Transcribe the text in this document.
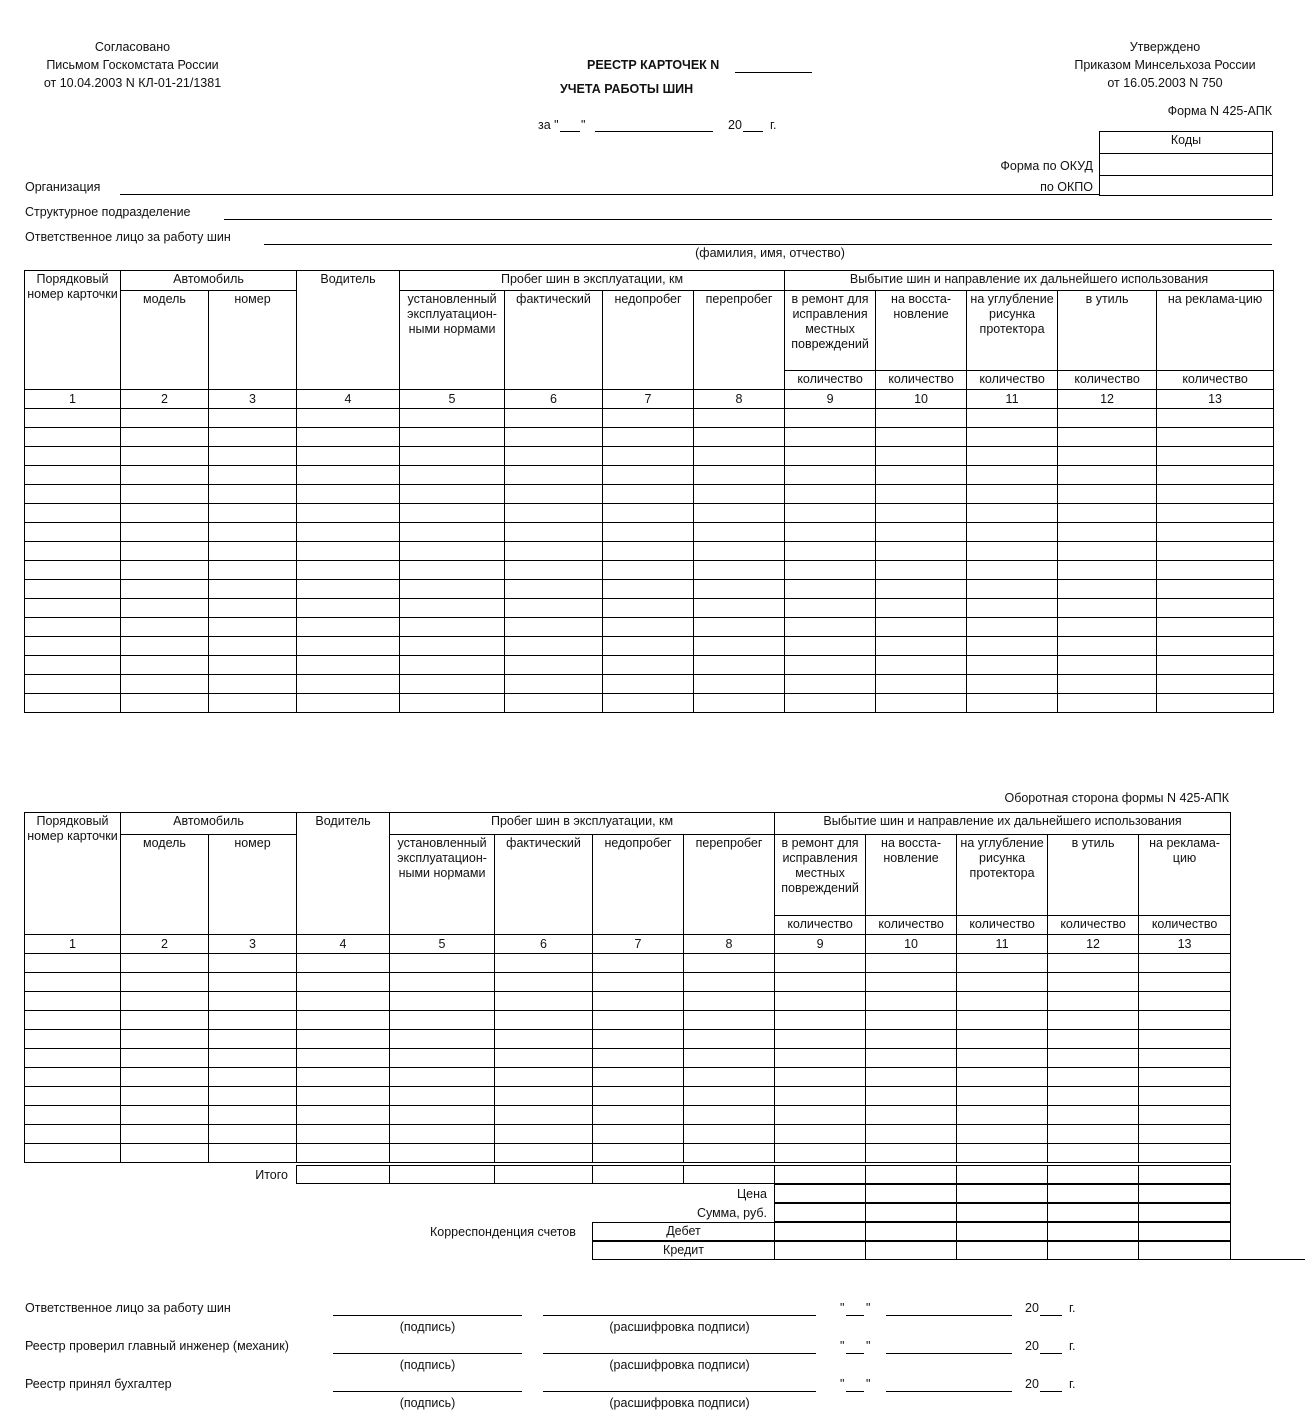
Согласовано
Письмом Госкомстата России
от 10.04.2003 N КЛ-01-21/1381
Утверждено
Приказом Минсельхоза России
от 16.05.2003 N 750
РЕЕСТР КАРТОЧЕК N
УЧЕТА РАБОТЫ ШИН
за " "	20 г.
Форма N 425-АПК
Коды

Форма по ОКУД
по ОКПО
Организация
Структурное подразделение
Ответственное лицо за работу шин
(фамилия, имя, отчество)
Порядковый номер карточки	Автомобиль		Водитель	Пробег шин в эксплуатации, км				Выбытие шин и направление их дальнейшего использования				
	модель	номер		установленный эксплуатацион-ными нормами	фактический	недопробег	перепробег	в ремонт для исправления местных повреждений	на восста-новление	на углубление рисунка протектора	в утиль	на реклама-цию
								количество	количество	количество	количество	количество
1	2	3	4	5	6	7	8	9	10	11	12	13

Оборотная сторона формы N 425-АПК
Порядковый номер карточки	Автомобиль		Водитель	Пробег шин в эксплуатации, км				Выбытие шин и направление их дальнейшего использования				
	модель	номер		установленный эксплуатацион-ными нормами	фактический	недопробег	перепробег	в ремонт для исправления местных повреждений	на восста-новление	на углубление рисунка протектора	в утиль	на реклама-цию
								количество	количество	количество	количество	количество
1	2	3	4	5	6	7	8	9	10	11	12	13

Итого
Цена
Сумма, руб.
Корреспонденция счетов	Дебет
Кредит
Ответственное лицо за работу шин	" "	20 г.
(подпись)	(расшифровка подписи)
Реестр проверил главный инженер (механик)	" "	20 г.
(подпись)	(расшифровка подписи)
Реестр принял бухгалтер	" "	20 г.
(подпись)	(расшифровка подписи)
